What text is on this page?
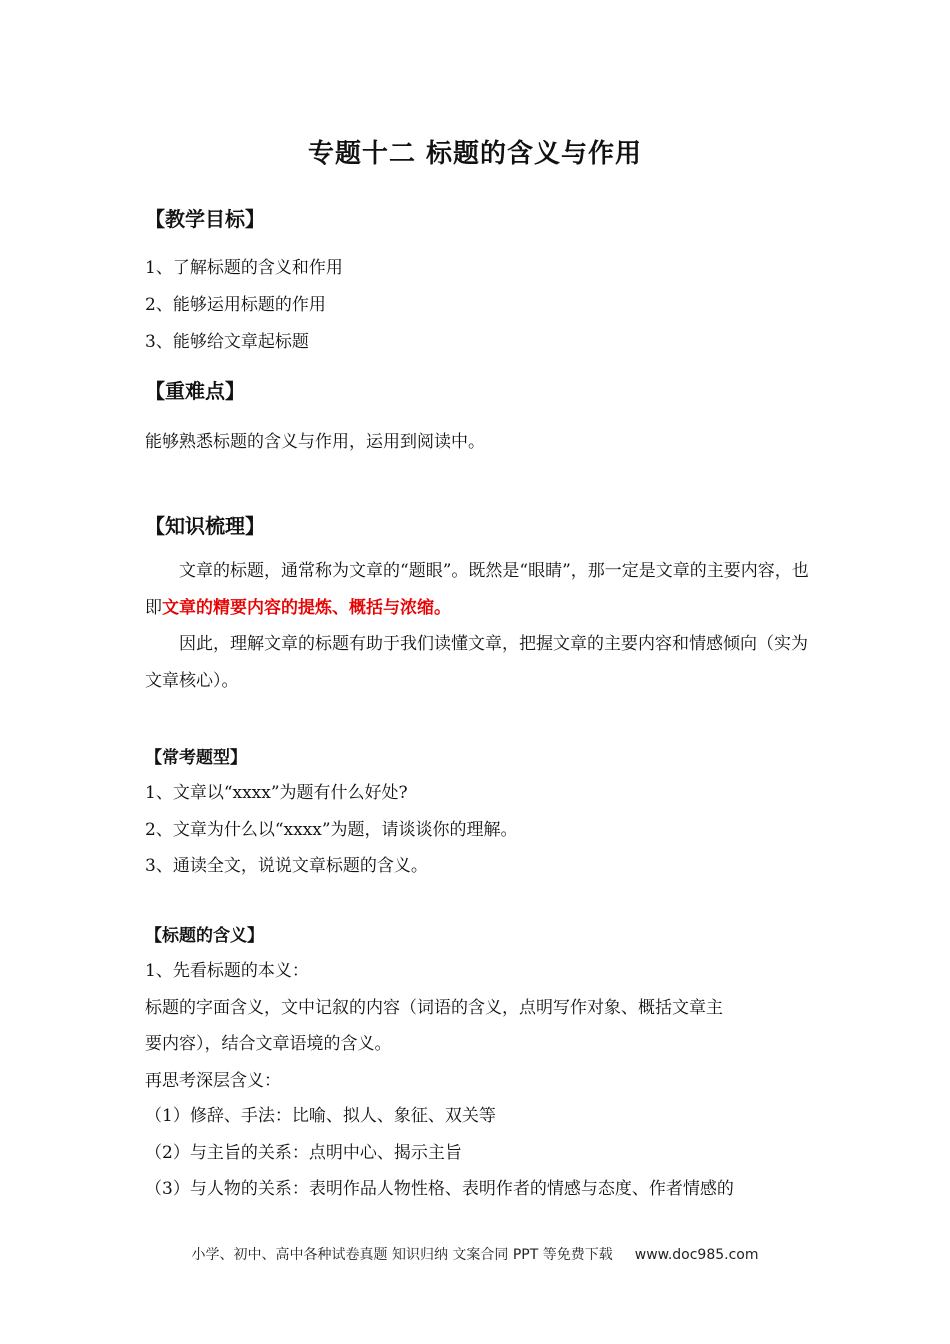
专题十二 标题的含义与作用
【教学目标】
1、了解标题的含义和作用
2、能够运用标题的作用
3、能够给文章起标题
【重难点】
能够熟悉标题的含义与作用，运用到阅读中。
【知识梳理】
文章的标题，通常称为文章的“题眼”。既然是“眼睛”，那一定是文章的主要内容，也即文章的精要内容的提炼、概括与浓缩。
因此，理解文章的标题有助于我们读懂文章，把握文章的主要内容和情感倾向（实为文章核心）。
【常考题型】
1、文章以“xxxx”为题有什么好处?
2、文章为什么以“xxxx”为题，请谈谈你的理解。
3、通读全文，说说文章标题的含义。
【标题的含义】
1、先看标题的本义：
标题的字面含义，文中记叙的内容（词语的含义，点明写作对象、概括文章主
要内容），结合文章语境的含义。
再思考深层含义：
（1）修辞、手法：比喻、拟人、象征、双关等
（2）与主旨的关系：点明中心、揭示主旨
（3）与人物的关系：表明作品人物性格、表明作者的情感与态度、作者情感的
小学、初中、高中各种试卷真题 知识归纳 文案合同 PPT 等免费下载 www.doc985.com
